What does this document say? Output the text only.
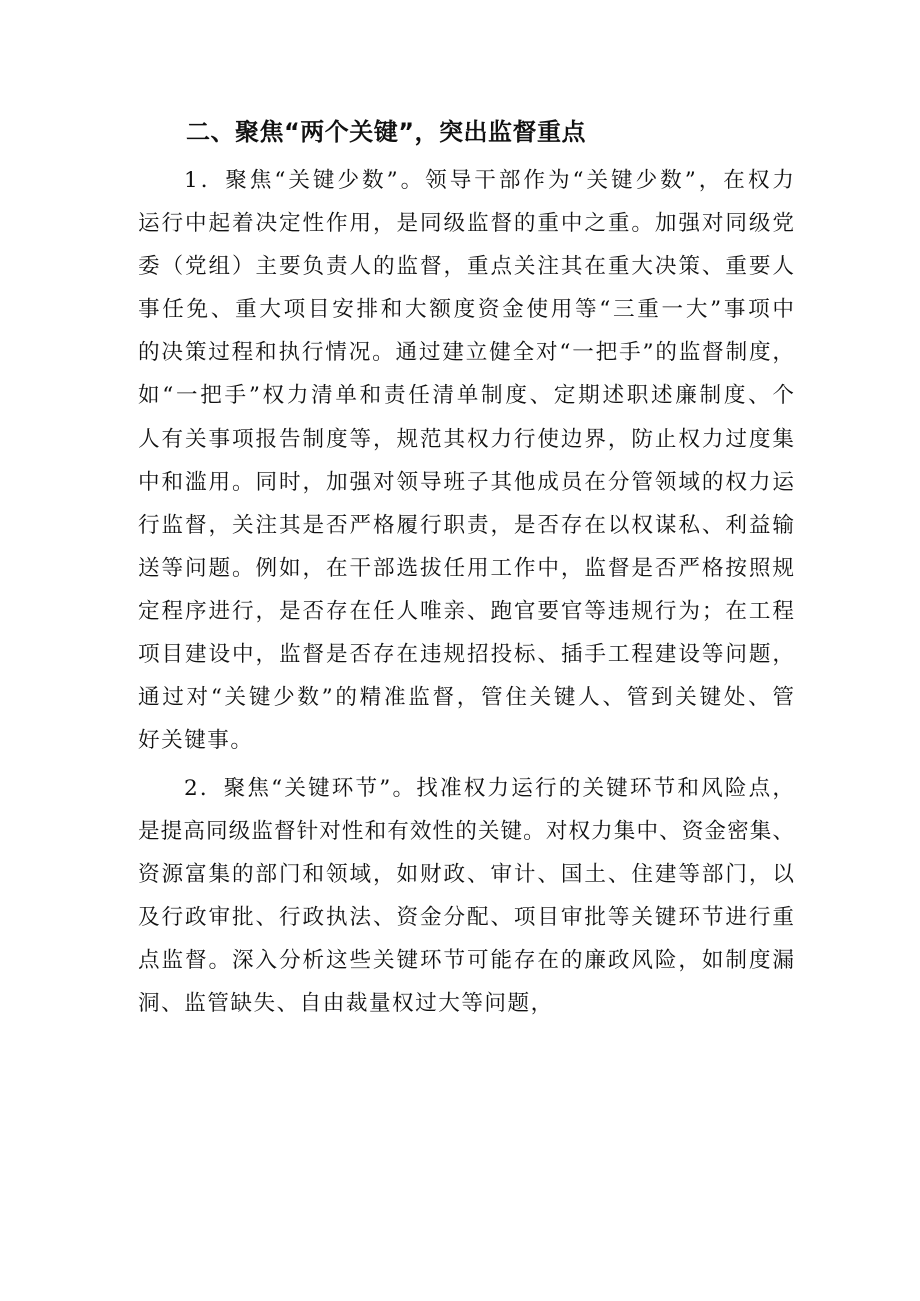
二、聚焦“两个关键”，突出监督重点
1．聚焦“关键少数”。领导干部作为“关键少数”，在权力
运行中起着决定性作用，是同级监督的重中之重。加强对同级党
委（党组）主要负责人的监督，重点关注其在重大决策、重要人
事任免、重大项目安排和大额度资金使用等“三重一大”事项中
的决策过程和执行情况。通过建立健全对“一把手”的监督制度，
如“一把手”权力清单和责任清单制度、定期述职述廉制度、个
人有关事项报告制度等，规范其权力行使边界，防止权力过度集
中和滥用。同时，加强对领导班子其他成员在分管领域的权力运
行监督，关注其是否严格履行职责，是否存在以权谋私、利益输
送等问题。例如，在干部选拔任用工作中，监督是否严格按照规
定程序进行，是否存在任人唯亲、跑官要官等违规行为；在工程
项目建设中，监督是否存在违规招投标、插手工程建设等问题，
通过对“关键少数”的精准监督，管住关键人、管到关键处、管
好关键事。
2．聚焦“关键环节”。找准权力运行的关键环节和风险点，
是提高同级监督针对性和有效性的关键。对权力集中、资金密集、
资源富集的部门和领域，如财政、审计、国土、住建等部门，以
及行政审批、行政执法、资金分配、项目审批等关键环节进行重
点监督。深入分析这些关键环节可能存在的廉政风险，如制度漏
洞、监管缺失、自由裁量权过大等问题，
